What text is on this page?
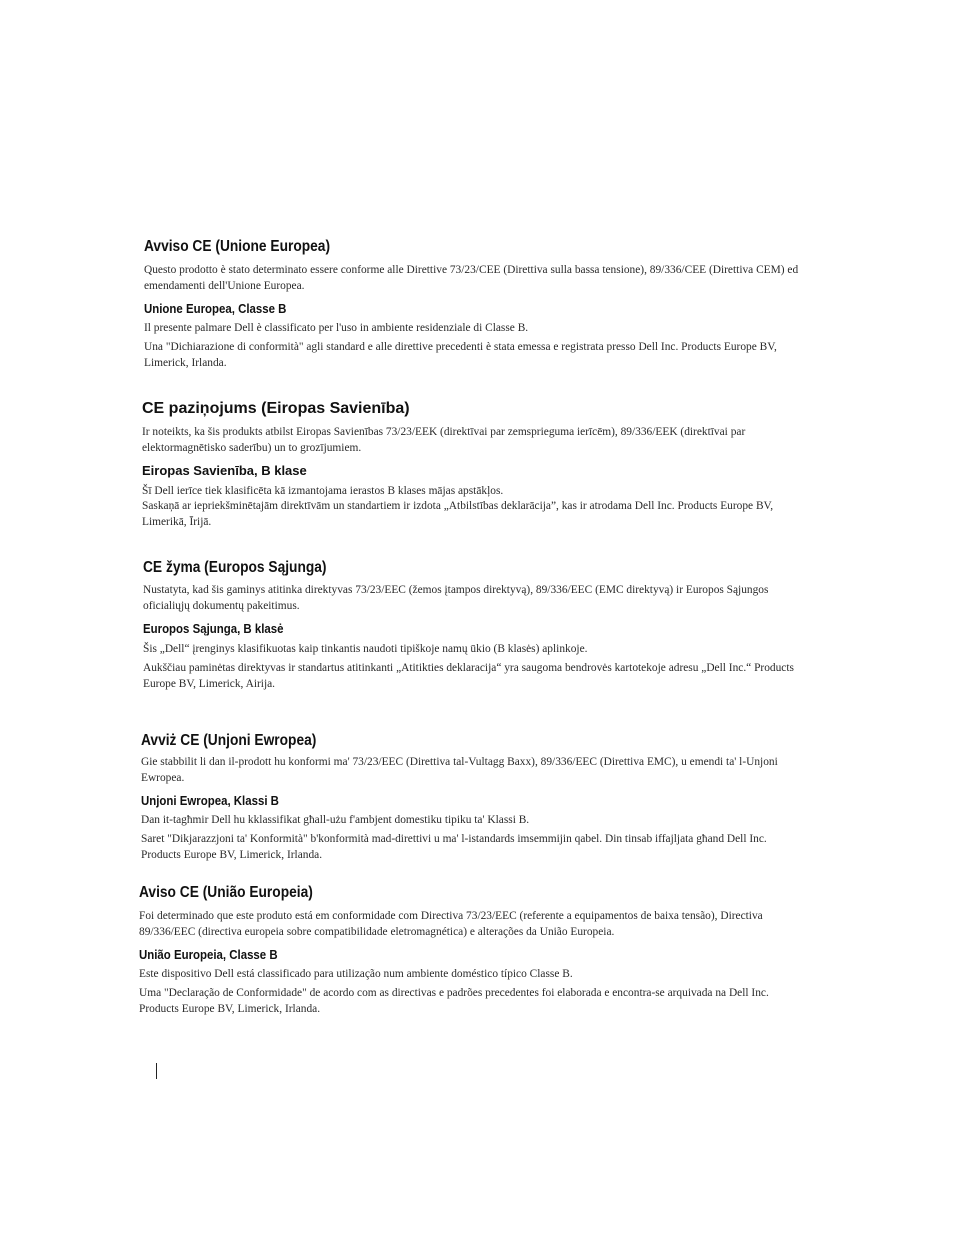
Avviso CE (Unione Europea)

Questo prodotto è stato determinato essere conforme alle Direttive 73/23/CEE (Direttiva sulla bassa tensione), 89/336/CEE (Direttiva CEM) ed emendamenti dell'Unione Europea.

Unione Europea, Classe B

Il presente palmare Dell è classificato per l'uso in ambiente residenziale di Classe B.

Una "Dichiarazione di conformità" agli standard e alle direttive precedenti è stata emessa e registrata presso Dell Inc. Products Europe BV, Limerick, Irlanda.

CE paziņojums (Eiropas Savienība)

Ir noteikts, ka šis produkts atbilst Eiropas Savienības 73/23/EEK (direktīvai par zemsprieguma ierīcēm), 89/336/EEK (direktīvai par elektormagnētisko saderību) un to grozījumiem.

Eiropas Savienība, B klase

Šī Dell ierīce tiek klasificēta kā izmantojama ierastos B klases mājas apstākļos.

Saskaņā ar iepriekšminētajām direktīvām un standartiem ir izdota „Atbilstības deklarācija”, kas ir atrodama Dell Inc. Products Europe BV, Limerikā, Īrijā.

CE žyma (Europos Sąjunga)

Nustatyta, kad šis gaminys atitinka direktyvas 73/23/EEC (žemos įtampos direktyvą), 89/336/EEC (EMC direktyvą) ir Europos Sąjungos oficialiųjų dokumentų pakeitimus.

Europos Sąjunga, B klasė

Šis „Dell“ įrenginys klasifikuotas kaip tinkantis naudoti tipiškoje namų ūkio (B klasės) aplinkoje.

Aukščiau paminėtas direktyvas ir standartus atitinkanti „Atitikties deklaracija“ yra saugoma bendrovės kartotekoje adresu „Dell Inc.“ Products Europe BV, Limerick, Airija.

Avviż CE (Unjoni Ewropea)

Gie stabbilit li dan il-prodott hu konformi ma' 73/23/EEC (Direttiva tal-Vultagg Baxx), 89/336/EEC (Direttiva EMC), u emendi ta' l-Unjoni Ewropea.

Unjoni Ewropea, Klassi B

Dan it-tagħmir Dell hu kklassifikat għall-użu f'ambjent domestiku tipiku ta' Klassi B.

Saret "Dikjarazzjoni ta' Konformità" b'konformità mad-direttivi u ma' l-istandards imsemmijin qabel. Din tinsab iffajljata għand Dell Inc. Products Europe BV, Limerick, Irlanda.

Aviso CE (União Europeia)

Foi determinado que este produto está em conformidade com Directiva 73/23/EEC (referente a equipamentos de baixa tensão), Directiva 89/336/EEC (directiva europeia sobre compatibilidade eletromagnética) e alterações da União Europeia.

União Europeia, Classe B

Este dispositivo Dell está classificado para utilização num ambiente doméstico típico Classe B.

Uma "Declaração de Conformidade" de acordo com as directivas e padrões precedentes foi elaborada e encontra-se arquivada na Dell Inc. Products Europe BV, Limerick, Irlanda.
